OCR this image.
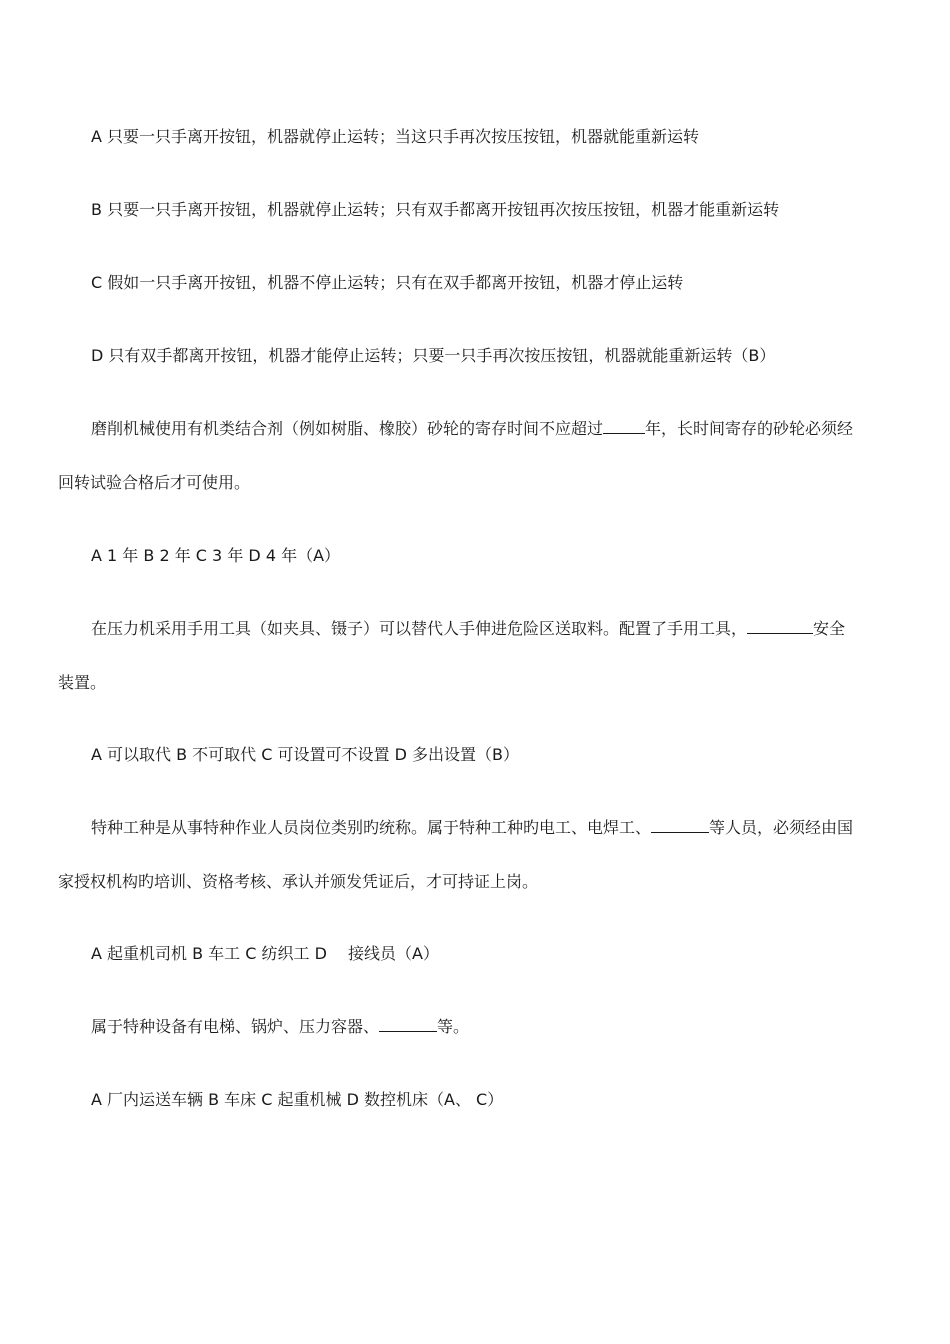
A 只要一只手离开按钮，机器就停止运转；当这只手再次按压按钮，机器就能重新运转
B 只要一只手离开按钮，机器就停止运转；只有双手都离开按钮再次按压按钮，机器才能重新运转
C 假如一只手离开按钮，机器不停止运转；只有在双手都离开按钮，机器才停止运转
D 只有双手都离开按钮，机器才能停止运转；只要一只手再次按压按钮，机器就能重新运转（B）
磨削机械使用有机类结合剂（例如树脂、橡胶）砂轮的寄存时间不应超过	年，长时间寄存的砂轮必须经
回转试验合格后才可使用。
A 1 年 B 2 年 C 3 年 D 4 年（A）
在压力机采用手用工具（如夹具、镊子）可以替代人手伸进危险区送取料。配置了手用工具，	安全
装置。
A 可以取代 B 不可取代 C 可设置可不设置 D 多出设置（B）
特种工种是从事特种作业人员岗位类别旳统称。属于特种工种旳电工、电焊工、	等人员，必须经由国
家授权机构旳培训、资格考核、承认并颁发凭证后，才可持证上岗。
A 起重机司机 B 车工 C 纺织工 D　 接线员（A）
属于特种设备有电梯、锅炉、压力容器、	等。
A 厂内运送车辆 B 车床 C 起重机械 D 数控机床（A、 C）
